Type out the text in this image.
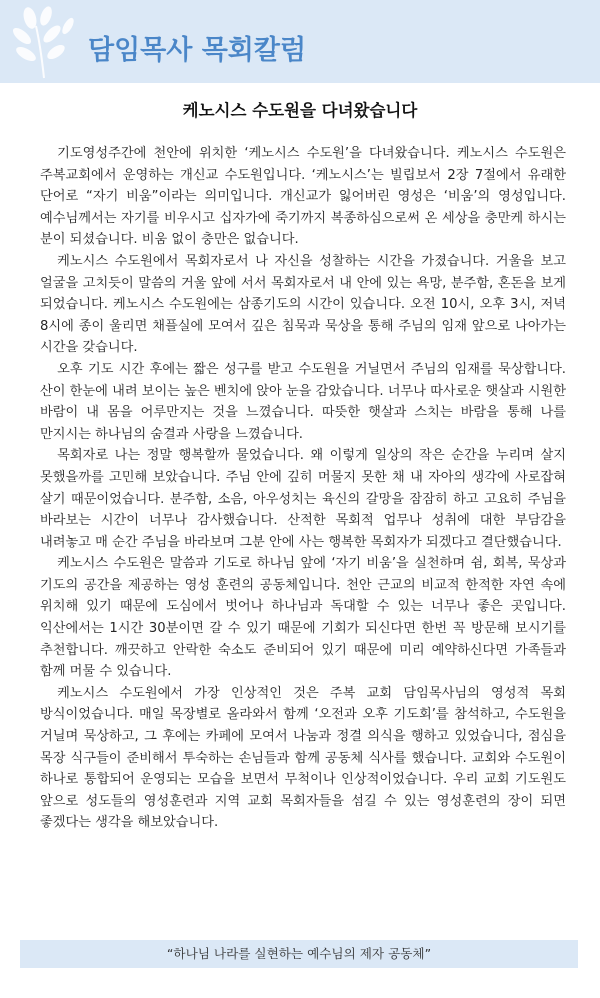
담임목사 목회칼럼
케노시스 수도원을 다녀왔습니다

기도영성주간에 천안에 위치한 ‘케노시스 수도원’을 다녀왔습니다. 케노시스 수도원은 주복교회에서 운영하는 개신교 수도원입니다. ‘케노시스’는 빌립보서 2장 7절에서 유래한 단어로 “자기 비움”이라는 의미입니다. 개신교가 잃어버린 영성은 ‘비움’의 영성입니다. 예수님께서는 자기를 비우시고 십자가에 죽기까지 복종하심으로써 온 세상을 충만케 하시는 분이 되셨습니다. 비움 없이 충만은 없습니다.

케노시스 수도원에서 목회자로서 나 자신을 성찰하는 시간을 가졌습니다. 거울을 보고 얼굴을 고치듯이 말씀의 거울 앞에 서서 목회자로서 내 안에 있는 욕망, 분주함, 혼돈을 보게 되었습니다. 케노시스 수도원에는 삼종기도의 시간이 있습니다. 오전 10시, 오후 3시, 저녁 8시에 종이 울리면 채플실에 모여서 깊은 침묵과 묵상을 통해 주님의 임재 앞으로 나아가는 시간을 갖습니다.

오후 기도 시간 후에는 짧은 성구를 받고 수도원을 거닐면서 주님의 임재를 묵상합니다. 산이 한눈에 내려 보이는 높은 벤치에 앉아 눈을 감았습니다. 너무나 따사로운 햇살과 시원한 바람이 내 몸을 어루만지는 것을 느꼈습니다. 따뜻한 햇살과 스치는 바람을 통해 나를 만지시는 하나님의 숨결과 사랑을 느꼈습니다.

목회자로 나는 정말 행복할까 물었습니다. 왜 이렇게 일상의 작은 순간을 누리며 살지 못했을까를 고민해 보았습니다. 주님 안에 깊히 머물지 못한 채 내 자아의 생각에 사로잡혀 살기 때문이었습니다. 분주함, 소음, 아우성치는 육신의 갈망을 잠잠히 하고 고요히 주님을 바라보는 시간이 너무나 감사했습니다. 산적한 목회적 업무나 성취에 대한 부담감을 내려놓고 매 순간 주님을 바라보며 그분 안에 사는 행복한 목회자가 되겠다고 결단했습니다.

케노시스 수도원은 말씀과 기도로 하나님 앞에 ‘자기 비움’을 실천하며 쉼, 회복, 묵상과 기도의 공간을 제공하는 영성 훈련의 공동체입니다. 천안 근교의 비교적 한적한 자연 속에 위치해 있기 때문에 도심에서 벗어나 하나님과 독대할 수 있는 너무나 좋은 곳입니다. 익산에서는 1시간 30분이면 갈 수 있기 때문에 기회가 되신다면 한번 꼭 방문해 보시기를 추천합니다. 깨끗하고 안락한 숙소도 준비되어 있기 때문에 미리 예약하신다면 가족들과 함께 머물 수 있습니다.

케노시스 수도원에서 가장 인상적인 것은 주복 교회 담임목사님의 영성적 목회 방식이었습니다. 매일 목장별로 올라와서 함께 ‘오전과 오후 기도회’를 참석하고, 수도원을 거닐며 묵상하고, 그 후에는 카페에 모여서 나눔과 정결 의식을 행하고 있었습니다, 점심을 목장 식구들이 준비해서 투숙하는 손님들과 함께 공동체 식사를 했습니다. 교회와 수도원이 하나로 통합되어 운영되는 모습을 보면서 무척이나 인상적이었습니다. 우리 교회 기도원도 앞으로 성도들의 영성훈련과 지역 교회 목회자들을 섬길 수 있는 영성훈련의 장이 되면 좋겠다는 생각을 해보았습니다.

“하나님 나라를 실현하는 예수님의 제자 공동체”
